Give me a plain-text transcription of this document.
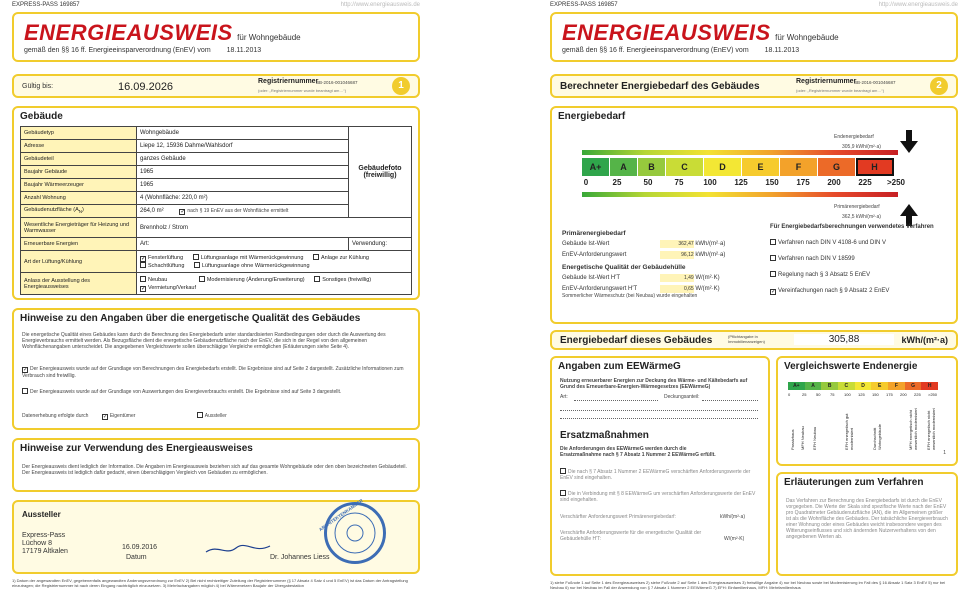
EXPRESS-PASS 169857	http://www.energieausweis.de
ENERGIEAUSWEIS für Wohngebäude
gemäß den §§ 16 ff. Energieeinsparverordnung (EnEV) vom 18.11.2013
Gültig bis:	16.09.2026	Registriernummer
BB-2016-001046687
(oder: „Registriernummer wurde beantragt am…“)	1
Gebäude
Gebäudetyp	Wohngebäude	Gebäudefoto (freiwillig)
Adresse	Liepe 12, 15936 Dahme/Wahlsdorf	
Gebäudeteil	ganzes Gebäude	
Baujahr Gebäude	1965	
Baujahr Wärmeerzeuger	1965	
Anzahl Wohnung	4 (Wohnfläche: 220,0 m²)	
Gebäudenutzfläche $(A_N)$	264,0 m² ✓ nach § 19 EnEV aus der Wohnfläche ermittelt	
Wesentliche Energieträger für Heizung und Warmwasser	Brennholz / Strom	
Erneuerbare Energien	Art:	Verwendung:
Art der Lüftung/Kühlung	✓ Fensterlüftung Lüftungsanlage mit Wärmerückgewinnung Anlage zur Kühlung
Schachtlüftung Lüftungsanlage ohne Wärmerückgewinnung	
Anlass der Ausstellung des Energieausweises	Neubau Modernisierung (Änderung/Erweiterung) Sonstiges (freiwillig)
✓ Vermietung/Verkauf	
Hinweise zu den Angaben über die energetische Qualität des Gebäudes
Die energetische Qualität eines Gebäudes kann durch die Berechnung des Energiebedarfs unter standardisierten Randbedingungen oder durch die Auswertung des Energieverbrauchs ermittelt werden. Als Bezugsfläche dient die energetische Gebäudenutzfläche nach der EnEV, die sich in der Regel von den allgemeinen Wohnflächenangaben unterscheidet. Die angegebenen Vergleichswerte sollen überschlägige Vergleiche ermöglichen (Erläuterungen siehe Seite 4).
✓ Der Energieausweis wurde auf der Grundlage von Berechnungen des Energiebedarfs erstellt. Die Ergebnisse sind auf Seite 2 dargestellt. Zusätzliche Informationen zum Verbrauch sind freiwillig.
Der Energieausweis wurde auf der Grundlage von Auswertungen des Energieverbrauchs erstellt. Die Ergebnisse sind auf Seite 3 dargestellt.
Datenerhebung erfolgte durch ✓ Eigentümer	Aussteller
Hinweise zur Verwendung des Energieausweises
Der Energieausweis dient lediglich der Information. Die Angaben im Energieausweis beziehen sich auf das gesamte Wohngebäude oder den oben bezeichneten Gebäudeteil. Der Energieausweis ist lediglich dafür gedacht, einen überschlägigen Vergleich von Gebäuden zu ermöglichen.
Aussteller
Express-Pass
Lüchow 8
17179 Altkalen
16.09.2016
Datum	Dr. Johannes Liess
ARCHITEKTENKAMMER
1) Datum der angewandten EnEV, gegebenenfalls angewandten Änderungsverordnung zur EnEV 2) Bei nicht rechtzeitiger Zuteilung der Registriernummer (§ 17 Absatz 4 Satz 4 und 5 EnEV) ist das Datum der Antragstellung einzutragen; die Registriernummer ist nach deren Eingang nachträglich einzusetzen. 3) Mehrfachangaben möglich 4) bei Wärmenetzen Baujahr der Übergabestation
EXPRESS-PASS 169857	http://www.energieausweis.de
ENERGIEAUSWEIS für Wohngebäude
gemäß den §§ 16 ff. Energieeinsparverordnung (EnEV) vom 18.11.2013
Berechneter Energiebedarf des Gebäudes	Registriernummer
BB-2016-001046687
(oder: „Registriernummer wurde beantragt am…“)	2
Energiebedarf
Endenergiebedarf
305,9 kWh/(m²·a)
A+	A	B	C	D	E	F	G	H
0	25	50	75 100 125 150 175 200 225 >250
Primärenergiebedarf
362,5 kWh/(m²·a)
Primärenergiebedarf
Gebäude Ist-Wert	362,47 kWh/(m²·a)
EnEV-Anforderungswert	96,12 kWh/(m²·a)
Energetische Qualität der Gebäudehülle
Gebäude Ist-Wert H'T	1,49 W/(m²·K)
EnEV-Anforderungswert H'T	0,65 W/(m²·K)
Sommerlicher Wärmeschutz (bei Neubau) wurde eingehalten
Für Energiebedarfsberechnungen verwendetes Verfahren
Verfahren nach DIN V 4108-6 und DIN V
Verfahren nach DIN V 18599
Regelung nach § 3 Absatz 5 EnEV
✓ Vereinfachungen nach § 9 Absatz 2 EnEV
Energiebedarf dieses Gebäudes	(Pflichtangabe in Immobilienanzeigen)	305,88	kWh/(m²·a)
Angaben zum EEWärmeG
Nutzung erneuerbarer Energien zur Deckung des Wärme- und Kältebedarfs auf Grund des Erneuerbare-Energien-Wärmegesetzes (EEWärmeG)
Art:	Deckungsanteil:
Ersatzmaßnahmen
Die Anforderungen des EEWärmeG werden durch die Ersatzmaßnahme nach § 7 Absatz 1 Nummer 2 EEWärmeG erfüllt.
Die nach § 7 Absatz 1 Nummer 2 EEWärmeG verschärften Anforderungswerte der EnEV sind eingehalten.
Die in Verbindung mit § 8 EEWärmeG um verschärften Anforderungswerte der EnEV sind eingehalten.
Verschärfter Anforderungswert Primärenergiebedarf:	kWh/(m²·a)
Verschärfte Anforderungswerte für die energetische Qualität der Gebäudehülle H'T:	W/(m²·K)
Vergleichswerte Endenergie
A+	A	B	C	D	E	F	G	H
0	25 50 75 100 125 150 175 200 225 >250
Passivhaus MFH Neubau EFH Neubau	EFH energetisch gut modernisiert	Durchschnitt Wohngebäude	MFH energetisch nicht wesentlich modernisiert EFH energetisch nicht wesentlich modernisiert
1
Erläuterungen zum Verfahren
Das Verfahren zur Berechnung des Energiebedarfs ist durch die EnEV vorgegeben. Die Werte der Skala sind spezifische Werte nach der EnEV pro Quadratmeter Gebäudenutzfläche (AN), die im Allgemeinen größer ist als die Wohnfläche des Gebäudes. Der tatsächliche Energieverbrauch einer Wohnung oder eines Gebäudes weicht insbesondere wegen des Witterungseinflusses und sich ändernden Nutzerverhaltens von den angegebenen Werten ab.
1) siehe Fußnote 1 auf Seite 1 des Energieausweises 2) siehe Fußnote 2 auf Seite 1 des Energieausweises 3) freiwillige Angabe 4) nur bei Neubau sowie bei Modernisierung im Fall des § 16 Absatz 1 Satz 3 EnEV 5) nur bei Neubau 6) nur bei Neubau im Fall der Anwendung von § 7 Absatz 1 Nummer 2 EEWärmeG 7) EFH: Einfamilienhaus, MFH: Mehrfamilienhaus
